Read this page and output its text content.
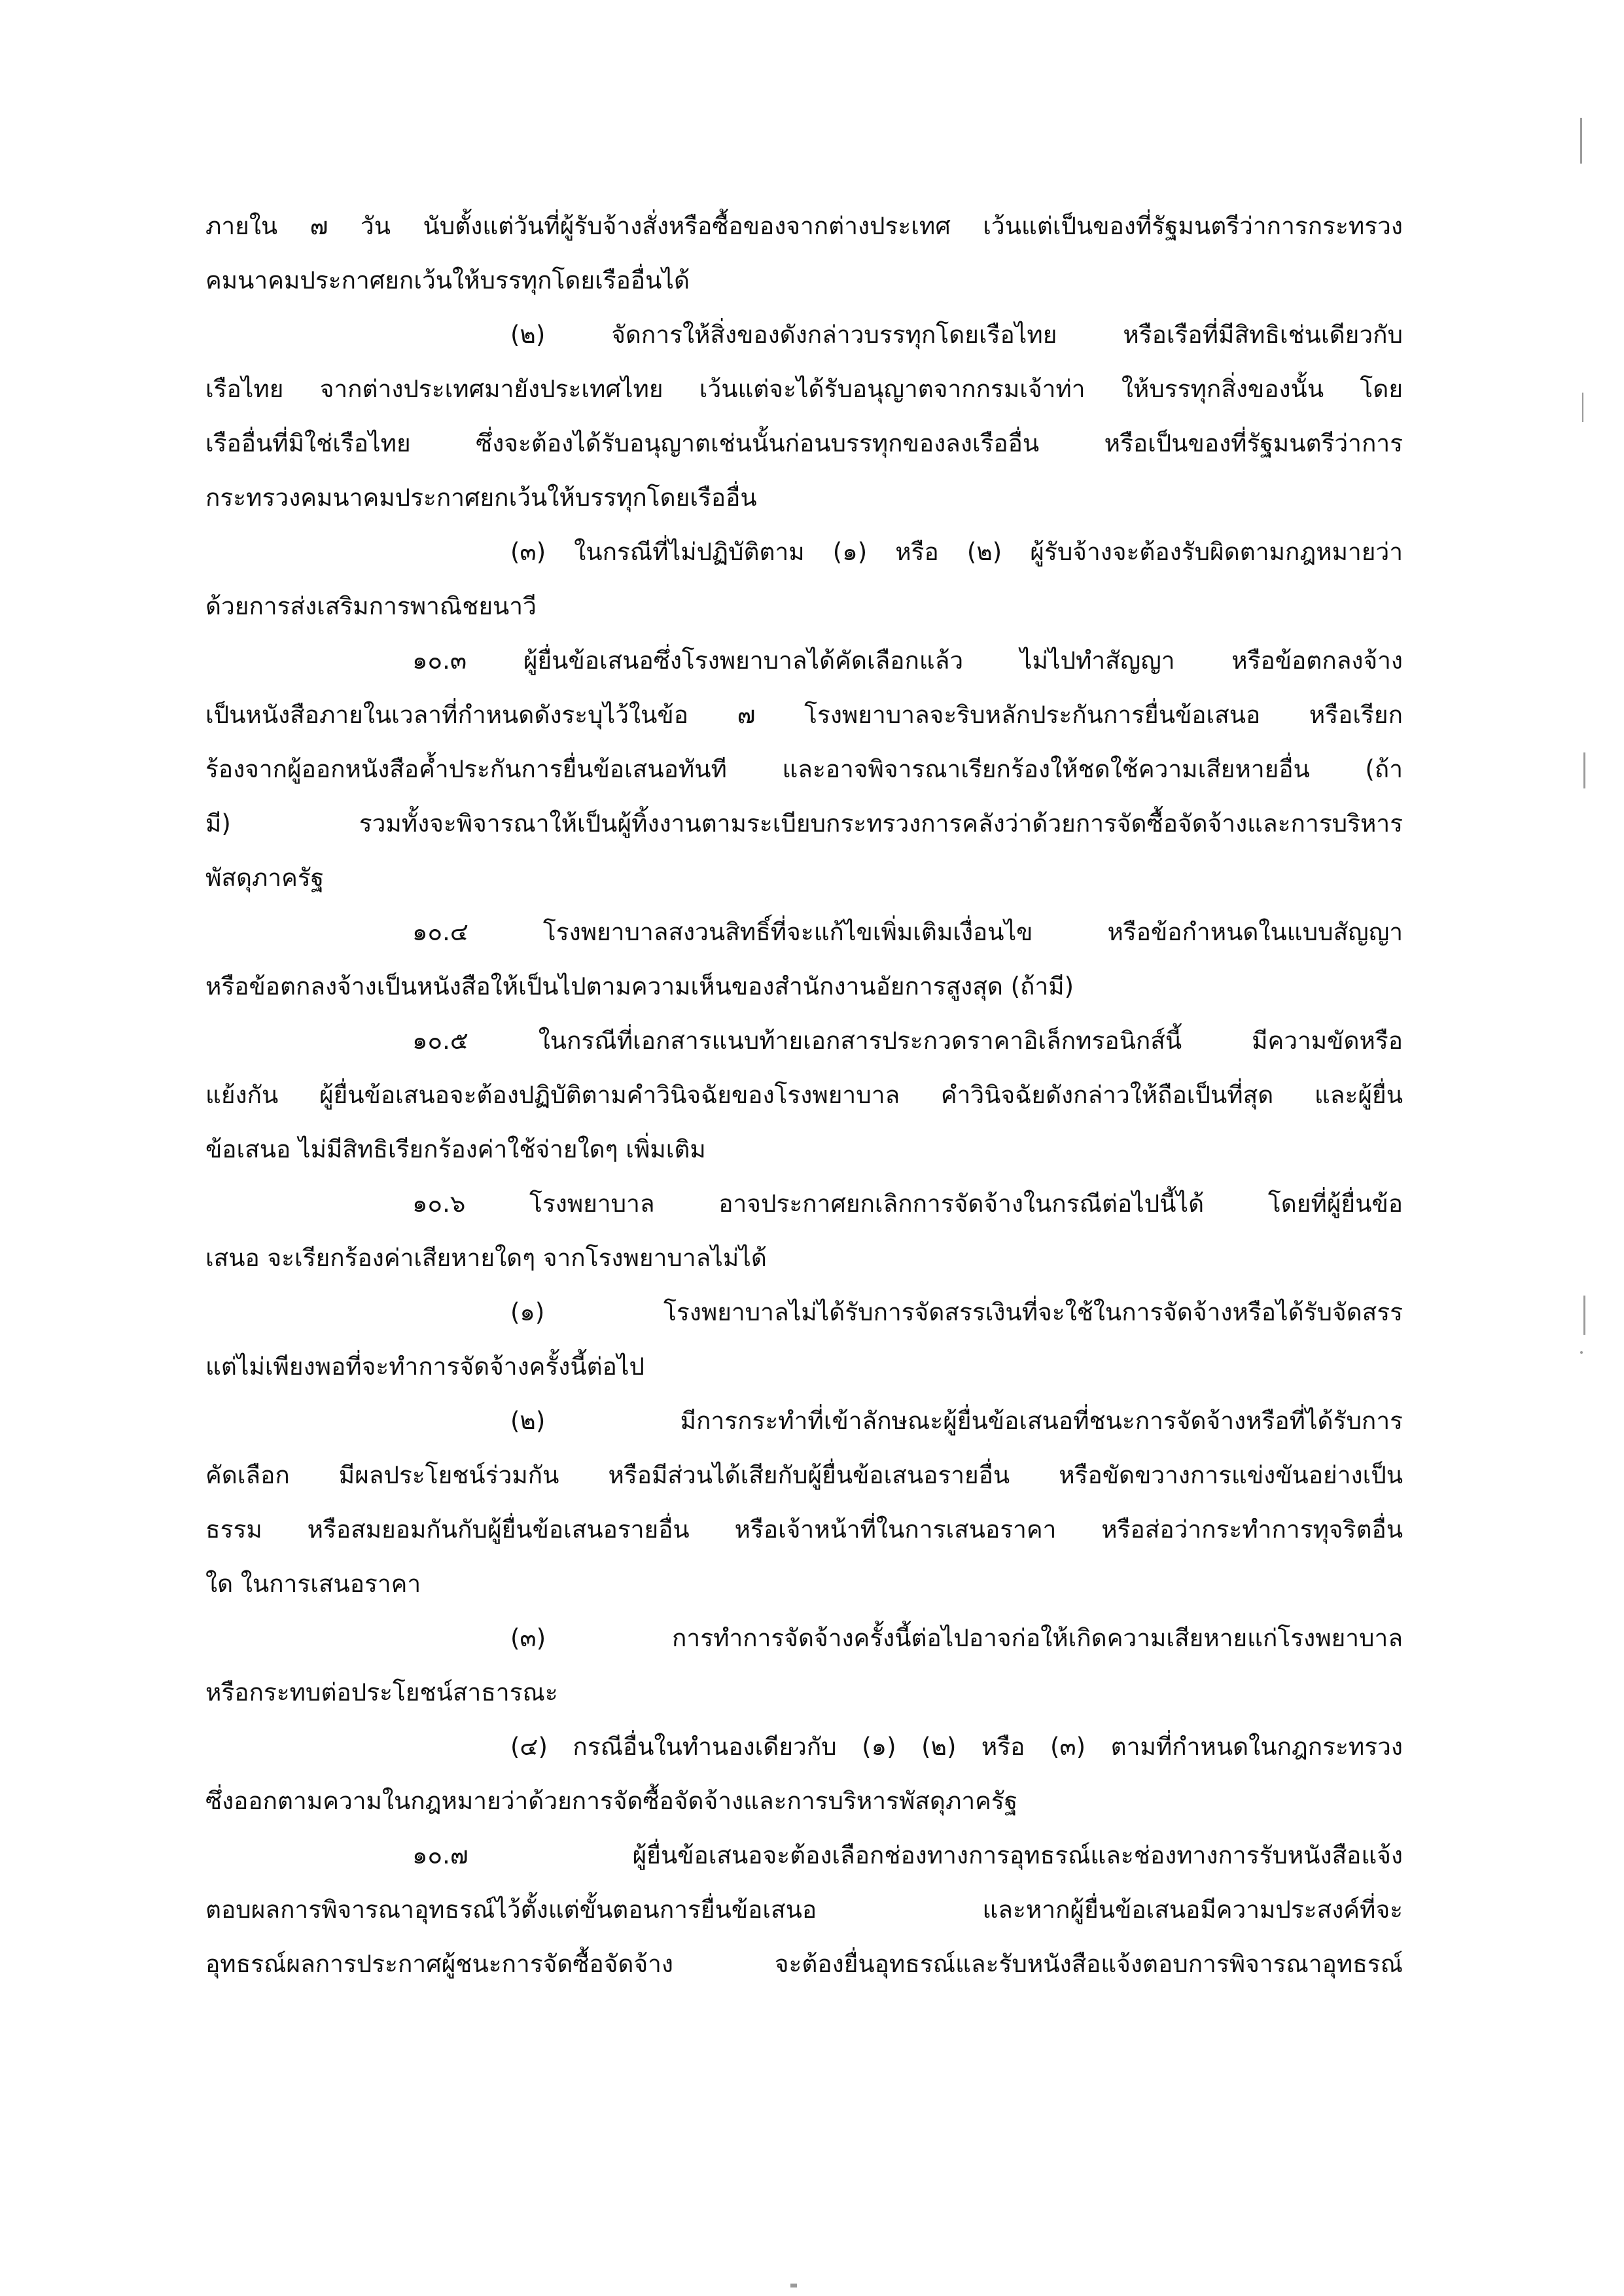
ภายใน ๗ วัน นับตั้งแต่วันที่ผู้รับจ้างสั่งหรือซื้อของจากต่างประเทศ เว้นแต่เป็นของที่รัฐมนตรีว่าการกระทรวง
คมนาคมประกาศยกเว้นให้บรรทุกโดยเรืออื่นได้
(๒) จัดการให้สิ่งของดังกล่าวบรรทุกโดยเรือไทย หรือเรือที่มีสิทธิเช่นเดียวกับ
เรือไทย จากต่างประเทศมายังประเทศไทย เว้นแต่จะได้รับอนุญาตจากกรมเจ้าท่า ให้บรรทุกสิ่งของนั้น โดย
เรืออื่นที่มิใช่เรือไทย ซึ่งจะต้องได้รับอนุญาตเช่นนั้นก่อนบรรทุกของลงเรืออื่น หรือเป็นของที่รัฐมนตรีว่าการ
กระทรวงคมนาคมประกาศยกเว้นให้บรรทุกโดยเรืออื่น
(๓) ในกรณีที่ไม่ปฏิบัติตาม (๑) หรือ (๒) ผู้รับจ้างจะต้องรับผิดตามกฎหมายว่า
ด้วยการส่งเสริมการพาณิชยนาวี
๑๐.๓ ผู้ยื่นข้อเสนอซึ่งโรงพยาบาลได้คัดเลือกแล้ว ไม่ไปทำสัญญา หรือข้อตกลงจ้าง
เป็นหนังสือภายในเวลาที่กำหนดดังระบุไว้ในข้อ ๗ โรงพยาบาลจะริบหลักประกันการยื่นข้อเสนอ หรือเรียก
ร้องจากผู้ออกหนังสือค้ำประกันการยื่นข้อเสนอทันที และอาจพิจารณาเรียกร้องให้ชดใช้ความเสียหายอื่น (ถ้า
มี) รวมทั้งจะพิจารณาให้เป็นผู้ทิ้งงานตามระเบียบกระทรวงการคลังว่าด้วยการจัดซื้อจัดจ้างและการบริหาร
พัสดุภาครัฐ
๑๐.๔ โรงพยาบาลสงวนสิทธิ์ที่จะแก้ไขเพิ่มเติมเงื่อนไข หรือข้อกำหนดในแบบสัญญา
หรือข้อตกลงจ้างเป็นหนังสือให้เป็นไปตามความเห็นของสำนักงานอัยการสูงสุด (ถ้ามี)
๑๐.๕ ในกรณีที่เอกสารแนบท้ายเอกสารประกวดราคาอิเล็กทรอนิกส์นี้ มีความขัดหรือ
แย้งกัน ผู้ยื่นข้อเสนอจะต้องปฏิบัติตามคำวินิจฉัยของโรงพยาบาล คำวินิจฉัยดังกล่าวให้ถือเป็นที่สุด และผู้ยื่น
ข้อเสนอ ไม่มีสิทธิเรียกร้องค่าใช้จ่ายใดๆ เพิ่มเติม
๑๐.๖ โรงพยาบาล อาจประกาศยกเลิกการจัดจ้างในกรณีต่อไปนี้ได้ โดยที่ผู้ยื่นข้อ
เสนอ จะเรียกร้องค่าเสียหายใดๆ จากโรงพยาบาลไม่ได้
(๑) โรงพยาบาลไม่ได้รับการจัดสรรเงินที่จะใช้ในการจัดจ้างหรือได้รับจัดสรร
แต่ไม่เพียงพอที่จะทำการจัดจ้างครั้งนี้ต่อไป
(๒) มีการกระทำที่เข้าลักษณะผู้ยื่นข้อเสนอที่ชนะการจัดจ้างหรือที่ได้รับการ
คัดเลือก มีผลประโยชน์ร่วมกัน หรือมีส่วนได้เสียกับผู้ยื่นข้อเสนอรายอื่น หรือขัดขวางการแข่งขันอย่างเป็น
ธรรม หรือสมยอมกันกับผู้ยื่นข้อเสนอรายอื่น หรือเจ้าหน้าที่ในการเสนอราคา หรือส่อว่ากระทำการทุจริตอื่น
ใด ในการเสนอราคา
(๓) การทำการจัดจ้างครั้งนี้ต่อไปอาจก่อให้เกิดความเสียหายแก่โรงพยาบาล
หรือกระทบต่อประโยชน์สาธารณะ
(๔) กรณีอื่นในทำนองเดียวกับ (๑) (๒) หรือ (๓) ตามที่กำหนดในกฎกระทรวง
ซึ่งออกตามความในกฎหมายว่าด้วยการจัดซื้อจัดจ้างและการบริหารพัสดุภาครัฐ
๑๐.๗ ผู้ยื่นข้อเสนอจะต้องเลือกช่องทางการอุทธรณ์และช่องทางการรับหนังสือแจ้ง
ตอบผลการพิจารณาอุทธรณ์ไว้ตั้งแต่ขั้นตอนการยื่นข้อเสนอ และหากผู้ยื่นข้อเสนอมีความประสงค์ที่จะ
อุทธรณ์ผลการประกาศผู้ชนะการจัดซื้อจัดจ้าง จะต้องยื่นอุทธรณ์และรับหนังสือแจ้งตอบการพิจารณาอุทธรณ์
